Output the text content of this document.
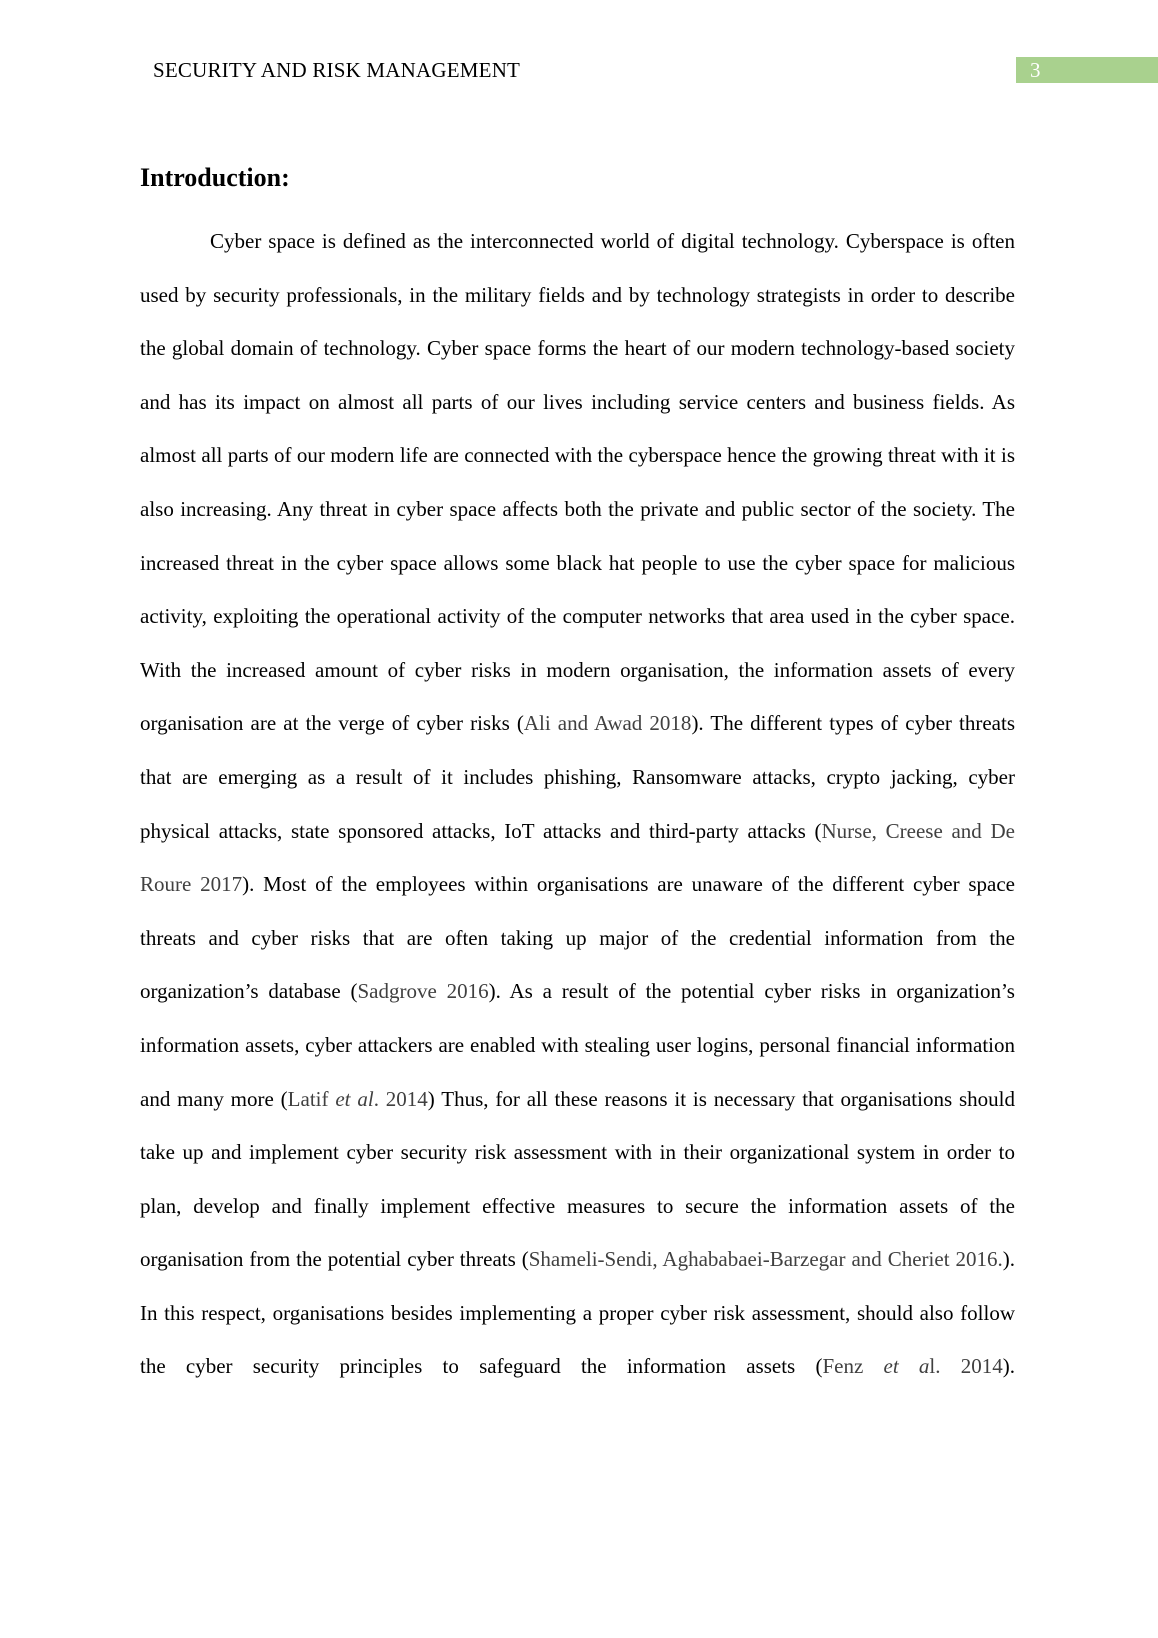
SECURITY AND RISK MANAGEMENT	3
Introduction:

Cyber space is defined as the interconnected world of digital technology. Cyberspace is often used by security professionals, in the military fields and by technology strategists in order to describe the global domain of technology. Cyber space forms the heart of our modern technology-based society and has its impact on almost all parts of our lives including service centers and business fields. As almost all parts of our modern life are connected with the cyberspace hence the growing threat with it is also increasing. Any threat in cyber space affects both the private and public sector of the society. The increased threat in the cyber space allows some black hat people to use the cyber space for malicious activity, exploiting the operational activity of the computer networks that area used in the cyber space. With the increased amount of cyber risks in modern organisation, the information assets of every organisation are at the verge of cyber risks (Ali and Awad 2018). The different types of cyber threats that are emerging as a result of it includes phishing, Ransomware attacks, crypto jacking, cyber physical attacks, state sponsored attacks, IoT attacks and third-party attacks (Nurse, Creese and De Roure 2017). Most of the employees within organisations are unaware of the different cyber space threats and cyber risks that are often taking up major of the credential information from the organization’s database (Sadgrove 2016). As a result of the potential cyber risks in organization’s information assets, cyber attackers are enabled with stealing user logins, personal financial information and many more (Latif et al. 2014) Thus, for all these reasons it is necessary that organisations should take up and implement cyber security risk assessment with in their organizational system in order to plan, develop and finally implement effective measures to secure the information assets of the organisation from the potential cyber threats (Shameli-Sendi, Aghababaei-Barzegar and Cheriet 2016.). In this respect, organisations besides implementing a proper cyber risk assessment, should also follow the cyber security principles to safeguard the information assets (Fenz et al. 2014).
